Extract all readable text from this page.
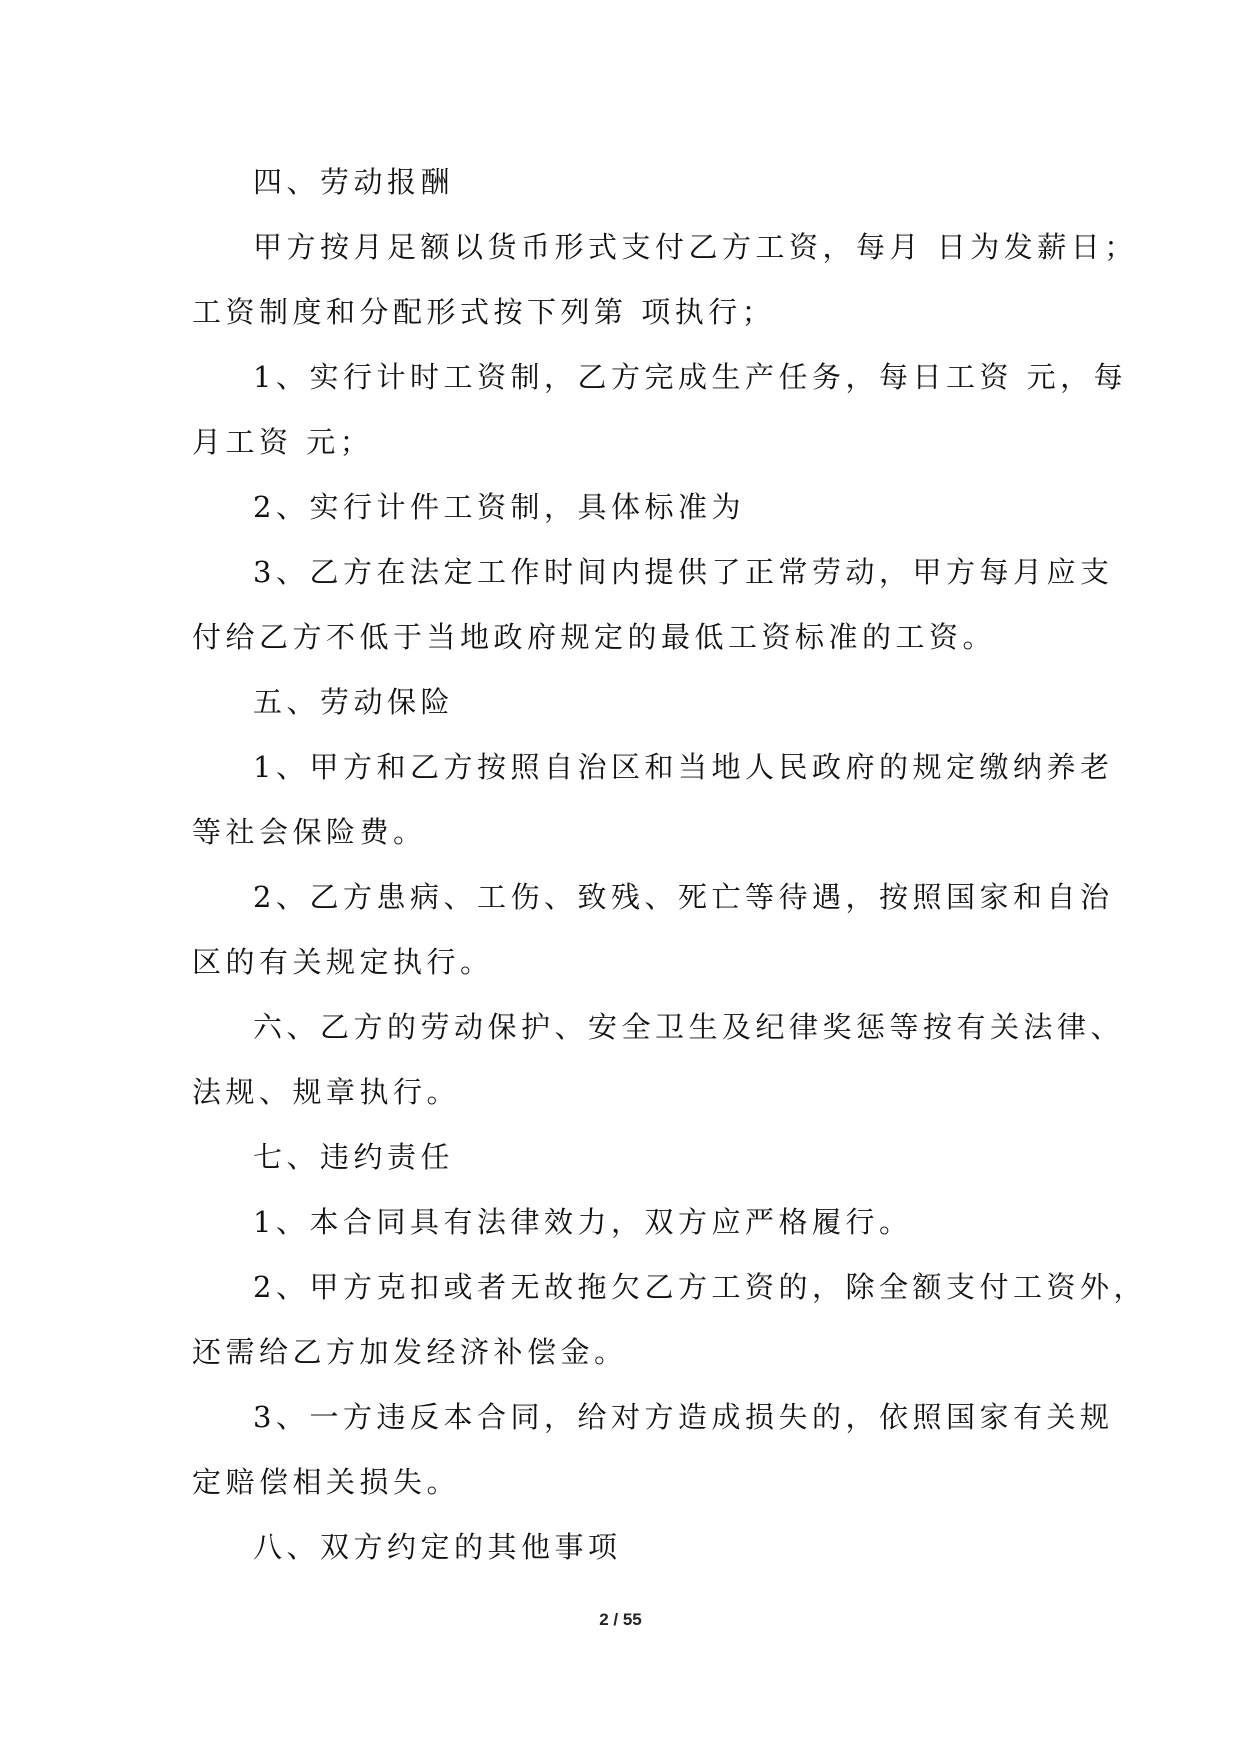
四、劳动报酬
甲方按月足额以货币形式支付乙方工资，每月 日为发薪日；
工资制度和分配形式按下列第 项执行；
1、实行计时工资制，乙方完成生产任务，每日工资 元，每
月工资 元；
2、实行计件工资制，具体标准为
3、乙方在法定工作时间内提供了正常劳动，甲方每月应支
付给乙方不低于当地政府规定的最低工资标准的工资。
五、劳动保险
1、甲方和乙方按照自治区和当地人民政府的规定缴纳养老
等社会保险费。
2、乙方患病、工伤、致残、死亡等待遇，按照国家和自治
区的有关规定执行。
六、乙方的劳动保护、安全卫生及纪律奖惩等按有关法律、
法规、规章执行。
七、违约责任
1、本合同具有法律效力，双方应严格履行。
2、甲方克扣或者无故拖欠乙方工资的，除全额支付工资外，
还需给乙方加发经济补偿金。
3、一方违反本合同，给对方造成损失的，依照国家有关规
定赔偿相关损失。
八、双方约定的其他事项
2 / 55
